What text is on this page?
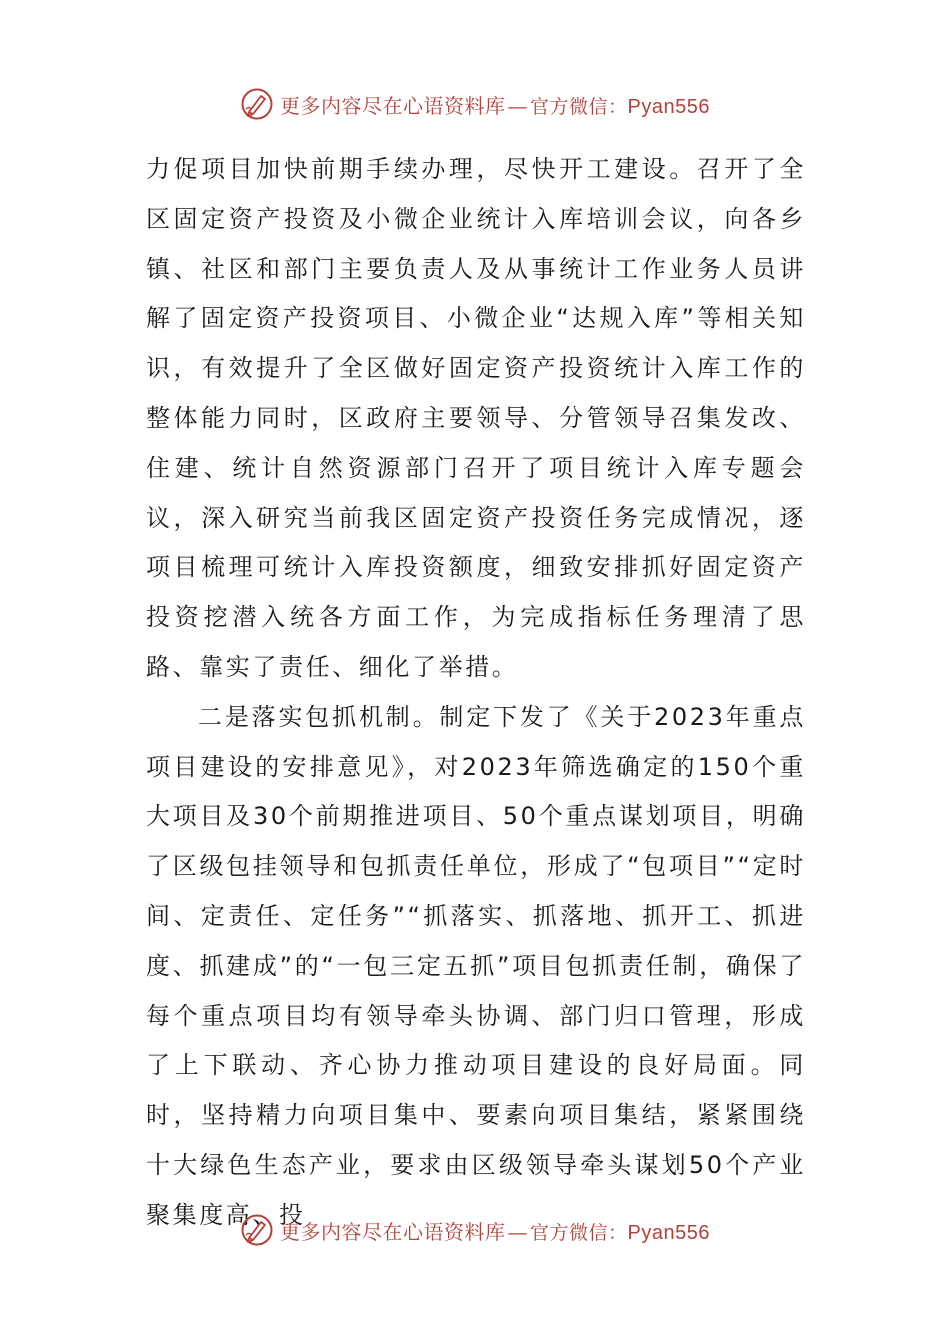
更多内容尽在心语资料库 — 官方微信：Pyan556

力促项目加快前期手续办理，尽快开工建设。召开了全区固定资产投资及小微企业统计入库培训会议，向各乡镇、社区和部门主要负责人及从事统计工作业务人员讲解了固定资产投资项目、小微企业“达规入库”等相关知识，有效提升了全区做好固定资产投资统计入库工作的整体能力同时，区政府主要领导、分管领导召集发改、住建、统计自然资源部门召开了项目统计入库专题会议，深入研究当前我区固定资产投资任务完成情况，逐项目梳理可统计入库投资额度，细致安排抓好固定资产投资挖潜入统各方面工作，为完成指标任务理清了思路、靠实了责任、细化了举措。

二是落实包抓机制。制定下发了《关于2023年重点项目建设的安排意见》，对2023年筛选确定的150个重大项目及30个前期推进项目、50个重点谋划项目，明确了区级包挂领导和包抓责任单位，形成了“包项目”“定时间、定责任、定任务”“抓落实、抓落地、抓开工、抓进度、抓建成”的“一包三定五抓”项目包抓责任制，确保了每个重点项目均有领导牵头协调、部门归口管理，形成了上下联动、齐心协力推动项目建设的良好局面。同时，坚持精力向项目集中、要素向项目集结，紧紧围绕十大绿色生态产业，要求由区级领导牵头谋划50个产业聚集度高、投

更多内容尽在心语资料库 — 官方微信：Pyan556
